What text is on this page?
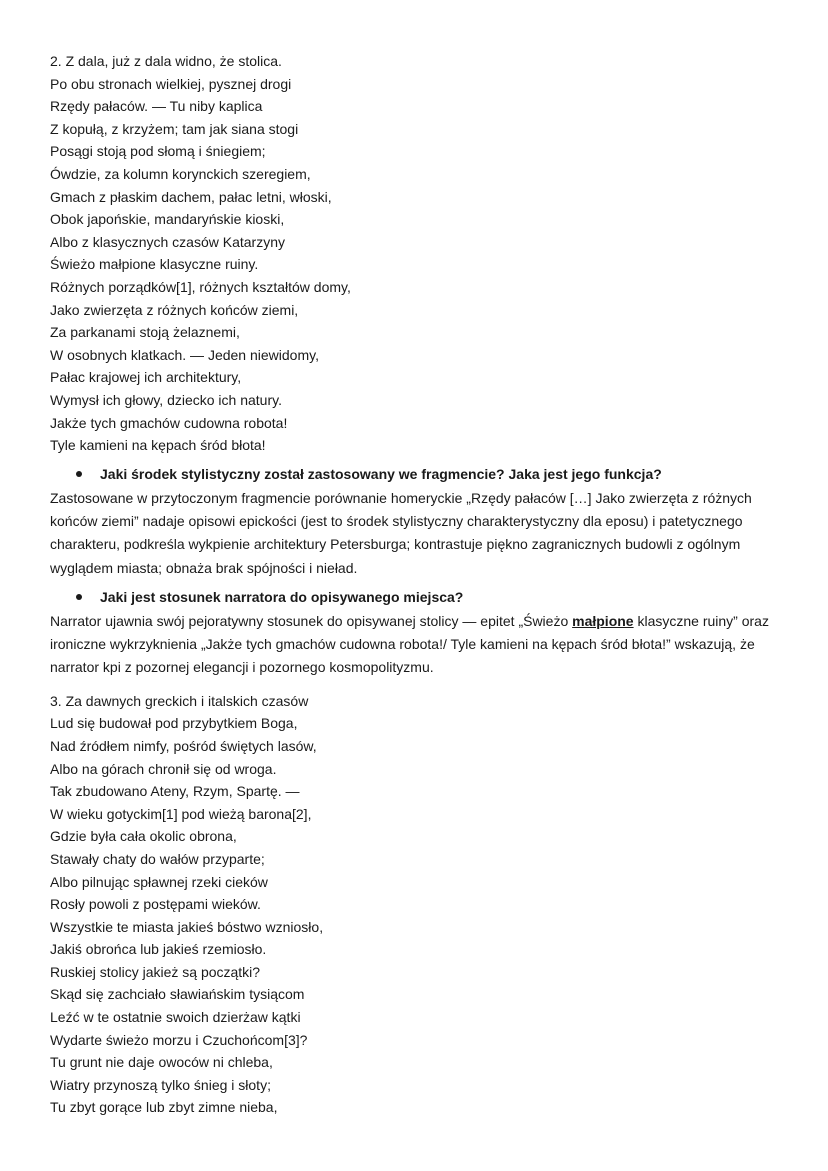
2. Z dala, już z dala widno, że stolica.
Po obu stronach wielkiej, pysznej drogi
Rzędy pałaców. — Tu niby kaplica
Z kopułą, z krzyżem; tam jak siana stogi
Posągi stoją pod słomą i śniegiem;
Ówdzie, za kolumn korynckich szeregiem,
Gmach z płaskim dachem, pałac letni, włoski,
Obok japońskie, mandaryńskie kioski,
Albo z klasycznych czasów Katarzyny
Świeżo małpione klasyczne ruiny.
Różnych porządków[1], różnych kształtów domy,
Jako zwierzęta z różnych końców ziemi,
Za parkanami stoją żelaznemi,
W osobnych klatkach. — Jeden niewidomy,
Pałac krajowej ich architektury,
Wymysł ich głowy, dziecko ich natury.
Jakże tych gmachów cudowna robota!
Tyle kamieni na kępach śród błota!
Jaki środek stylistyczny został zastosowany we fragmencie? Jaka jest jego funkcja?

Zastosowane w przytoczonym fragmencie porównanie homeryckie „Rzędy pałaców […] Jako zwierzęta z różnych końców ziemi” nadaje opisowi epickości (jest to środek stylistyczny charakterystyczny dla eposu) i patetycznego charakteru, podkreśla wykpienie architektury Petersburga; kontrastuje piękno zagranicznych budowli z ogólnym wyglądem miasta; obnaża brak spójności i nieład.

Jaki jest stosunek narratora do opisywanego miejsca?

Narrator ujawnia swój pejoratywny stosunek do opisywanej stolicy — epitet „Świeżo małpione klasyczne ruiny” oraz ironiczne wykrzyknienia „Jakże tych gmachów cudowna robota!/ Tyle kamieni na kępach śród błota!” wskazują, że narrator kpi z pozornej elegancji i pozornego kosmopolityzmu.

3. Za dawnych greckich i italskich czasów
Lud się budował pod przybytkiem Boga,
Nad źródłem nimfy, pośród świętych lasów,
Albo na górach chronił się od wroga.
Tak zbudowano Ateny, Rzym, Spartę. —
W wieku gotyckim[1] pod wieżą barona[2],
Gdzie była cała okolic obrona,
Stawały chaty do wałów przyparte;
Albo pilnując spławnej rzeki cieków
Rosły powoli z postępami wieków.
Wszystkie te miasta jakieś bóstwo wzniosło,
Jakiś obrońca lub jakieś rzemiosło.
Ruskiej stolicy jakież są początki?
Skąd się zachciało sławiańskim tysiącom
Leźć w te ostatnie swoich dzierżaw kątki
Wydarte świeżo morzu i Czuchońcom[3]?
Tu grunt nie daje owoców ni chleba,
Wiatry przynoszą tylko śnieg i słoty;
Tu zbyt gorące lub zbyt zimne nieba,
